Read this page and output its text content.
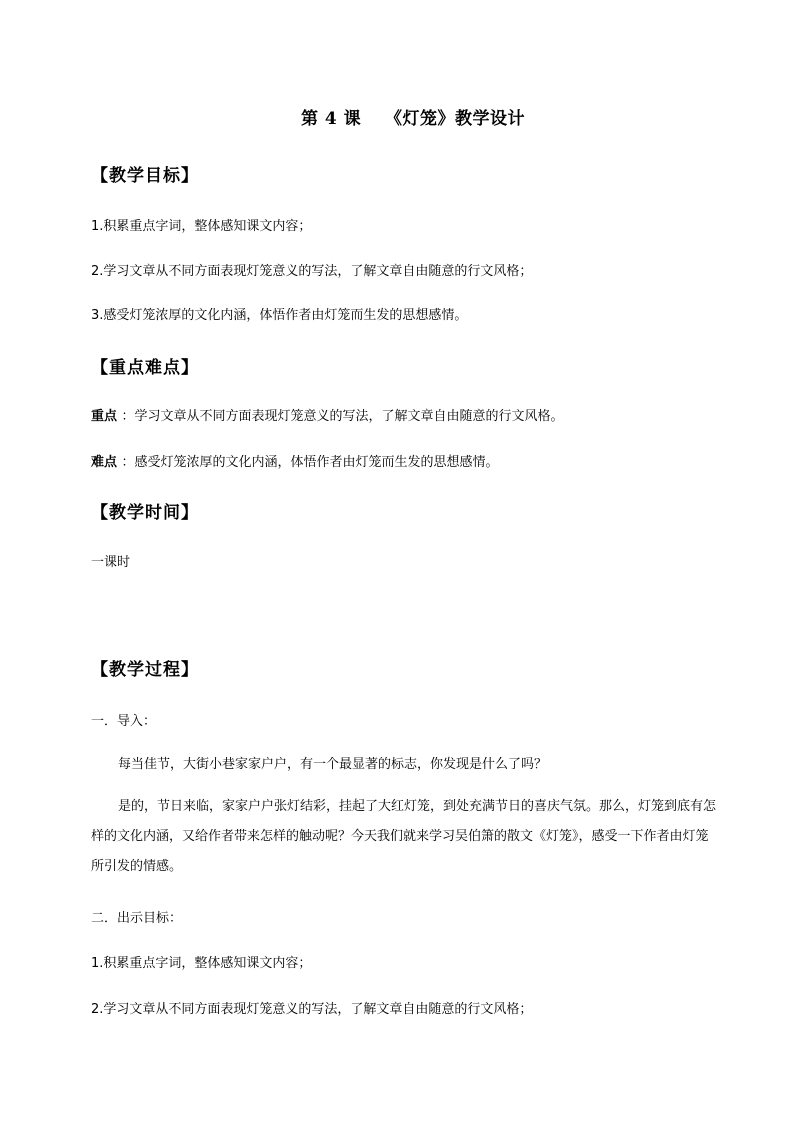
第 4 课　 《灯笼》教学设计
【教学目标】
1.积累重点字词，整体感知课文内容；
2.学习文章从不同方面表现灯笼意义的写法，了解文章自由随意的行文风格；
3.感受灯笼浓厚的文化内涵，体悟作者由灯笼而生发的思想感情。
【重点难点】
重点 ：学习文章从不同方面表现灯笼意义的写法，了解文章自由随意的行文风格。
难点 ：感受灯笼浓厚的文化内涵，体悟作者由灯笼而生发的思想感情。
【教学时间】
一课时
【教学过程】
一．导入：
每当佳节，大街小巷家家户户，有一个最显著的标志，你发现是什么了吗？
是的，节日来临，家家户户张灯结彩，挂起了大红灯笼，到处充满节日的喜庆气氛。那么，灯笼到底有怎样的文化内涵，又给作者带来怎样的触动呢？今天我们就来学习吴伯箫的散文《灯笼》，感受一下作者由灯笼所引发的情感。
二．出示目标：
1.积累重点字词，整体感知课文内容；
2.学习文章从不同方面表现灯笼意义的写法，了解文章自由随意的行文风格；
